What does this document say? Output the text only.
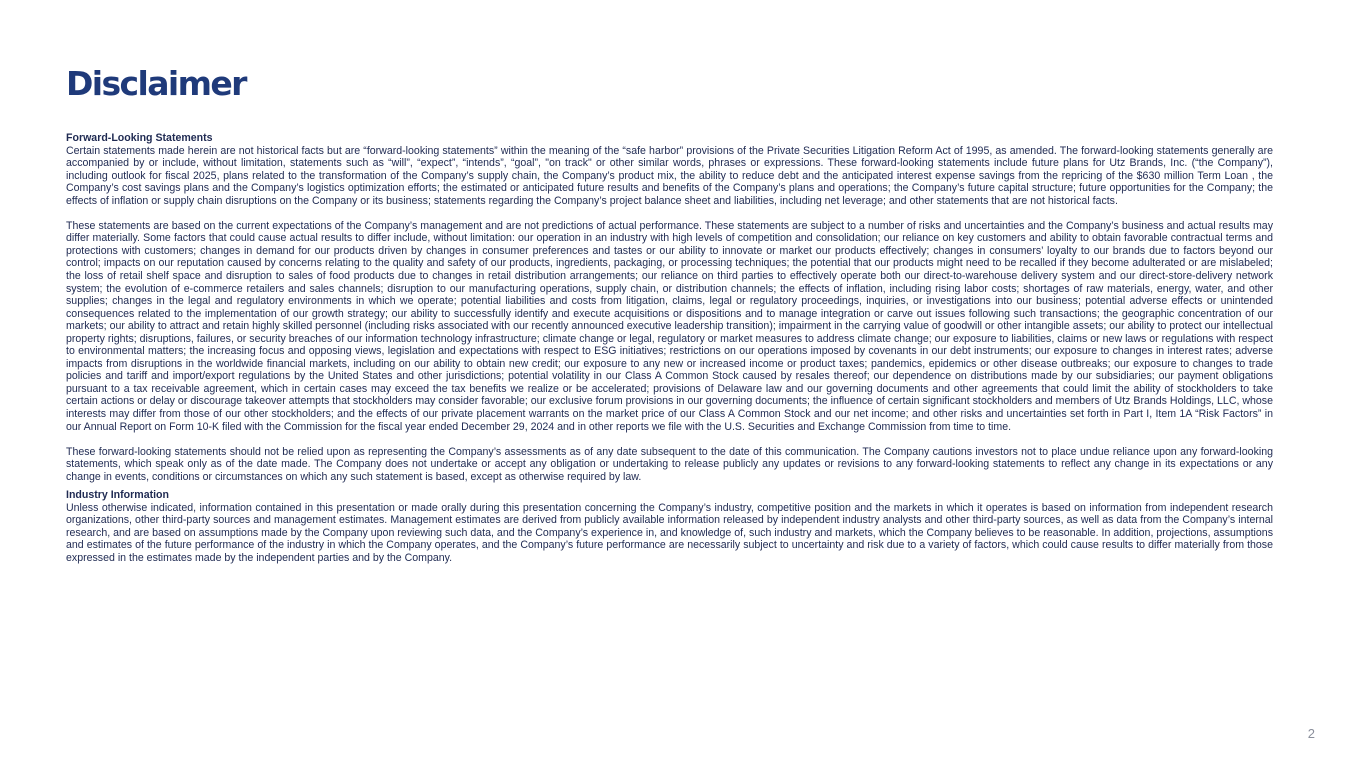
Disclaimer

Forward-Looking Statements

Certain statements made herein are not historical facts but are “forward-looking statements” within the meaning of the “safe harbor” provisions of the Private Securities Litigation Reform Act of 1995, as amended. The forward-looking statements generally are accompanied by or include, without limitation, statements such as “will”, “expect”, “intends”, “goal”, "on track" or other similar words, phrases or expressions. These forward-looking statements include future plans for Utz Brands, Inc. (“the Company”), including outlook for fiscal 2025, plans related to the transformation of the Company’s supply chain, the Company’s product mix, the ability to reduce debt and the anticipated interest expense savings from the repricing of the $630 million Term Loan , the Company’s cost savings plans and the Company’s logistics optimization efforts; the estimated or anticipated future results and benefits of the Company’s plans and operations; the Company’s future capital structure; future opportunities for the Company; the effects of inflation or supply chain disruptions on the Company or its business; statements regarding the Company’s project balance sheet and liabilities, including net leverage; and other statements that are not historical facts.

These statements are based on the current expectations of the Company’s management and are not predictions of actual performance. These statements are subject to a number of risks and uncertainties and the Company’s business and actual results may differ materially. Some factors that could cause actual results to differ include, without limitation: our operation in an industry with high levels of competition and consolidation; our reliance on key customers and ability to obtain favorable contractual terms and protections with customers; changes in demand for our products driven by changes in consumer preferences and tastes or our ability to innovate or market our products effectively; changes in consumers’ loyalty to our brands due to factors beyond our control; impacts on our reputation caused by concerns relating to the quality and safety of our products, ingredients, packaging, or processing techniques; the potential that our products might need to be recalled if they become adulterated or are mislabeled; the loss of retail shelf space and disruption to sales of food products due to changes in retail distribution arrangements; our reliance on third parties to effectively operate both our direct-to-warehouse delivery system and our direct-store-delivery network system; the evolution of e-commerce retailers and sales channels; disruption to our manufacturing operations, supply chain, or distribution channels; the effects of inflation, including rising labor costs; shortages of raw materials, energy, water, and other supplies; changes in the legal and regulatory environments in which we operate; potential liabilities and costs from litigation, claims, legal or regulatory proceedings, inquiries, or investigations into our business; potential adverse effects or unintended consequences related to the implementation of our growth strategy; our ability to successfully identify and execute acquisitions or dispositions and to manage integration or carve out issues following such transactions; the geographic concentration of our markets; our ability to attract and retain highly skilled personnel (including risks associated with our recently announced executive leadership transition); impairment in the carrying value of goodwill or other intangible assets; our ability to protect our intellectual property rights; disruptions, failures, or security breaches of our information technology infrastructure; climate change or legal, regulatory or market measures to address climate change; our exposure to liabilities, claims or new laws or regulations with respect to environmental matters; the increasing focus and opposing views, legislation and expectations with respect to ESG initiatives; restrictions on our operations imposed by covenants in our debt instruments; our exposure to changes in interest rates; adverse impacts from disruptions in the worldwide financial markets, including on our ability to obtain new credit; our exposure to any new or increased income or product taxes; pandemics, epidemics or other disease outbreaks; our exposure to changes to trade policies and tariff and import/export regulations by the United States and other jurisdictions; potential volatility in our Class A Common Stock caused by resales thereof; our dependence on distributions made by our subsidiaries; our payment obligations pursuant to a tax receivable agreement, which in certain cases may exceed the tax benefits we realize or be accelerated; provisions of Delaware law and our governing documents and other agreements that could limit the ability of stockholders to take certain actions or delay or discourage takeover attempts that stockholders may consider favorable; our exclusive forum provisions in our governing documents; the influence of certain significant stockholders and members of Utz Brands Holdings, LLC, whose interests may differ from those of our other stockholders; and the effects of our private placement warrants on the market price of our Class A Common Stock and our net income; and other risks and uncertainties set forth in Part I, Item 1A “Risk Factors” in our Annual Report on Form 10-K filed with the Commission for the fiscal year ended December 29, 2024 and in other reports we file with the U.S. Securities and Exchange Commission from time to time.

These forward-looking statements should not be relied upon as representing the Company’s assessments as of any date subsequent to the date of this communication. The Company cautions investors not to place undue reliance upon any forward-looking statements, which speak only as of the date made. The Company does not undertake or accept any obligation or undertaking to release publicly any updates or revisions to any forward-looking statements to reflect any change in its expectations or any change in events, conditions or circumstances on which any such statement is based, except as otherwise required by law.

Industry Information

Unless otherwise indicated, information contained in this presentation or made orally during this presentation concerning the Company’s industry, competitive position and the markets in which it operates is based on information from independent research organizations, other third-party sources and management estimates. Management estimates are derived from publicly available information released by independent industry analysts and other third-party sources, as well as data from the Company’s internal research, and are based on assumptions made by the Company upon reviewing such data, and the Company’s experience in, and knowledge of, such industry and markets, which the Company believes to be reasonable. In addition, projections, assumptions and estimates of the future performance of the industry in which the Company operates, and the Company’s future performance are necessarily subject to uncertainty and risk due to a variety of factors, which could cause results to differ materially from those expressed in the estimates made by the independent parties and by the Company.

2
